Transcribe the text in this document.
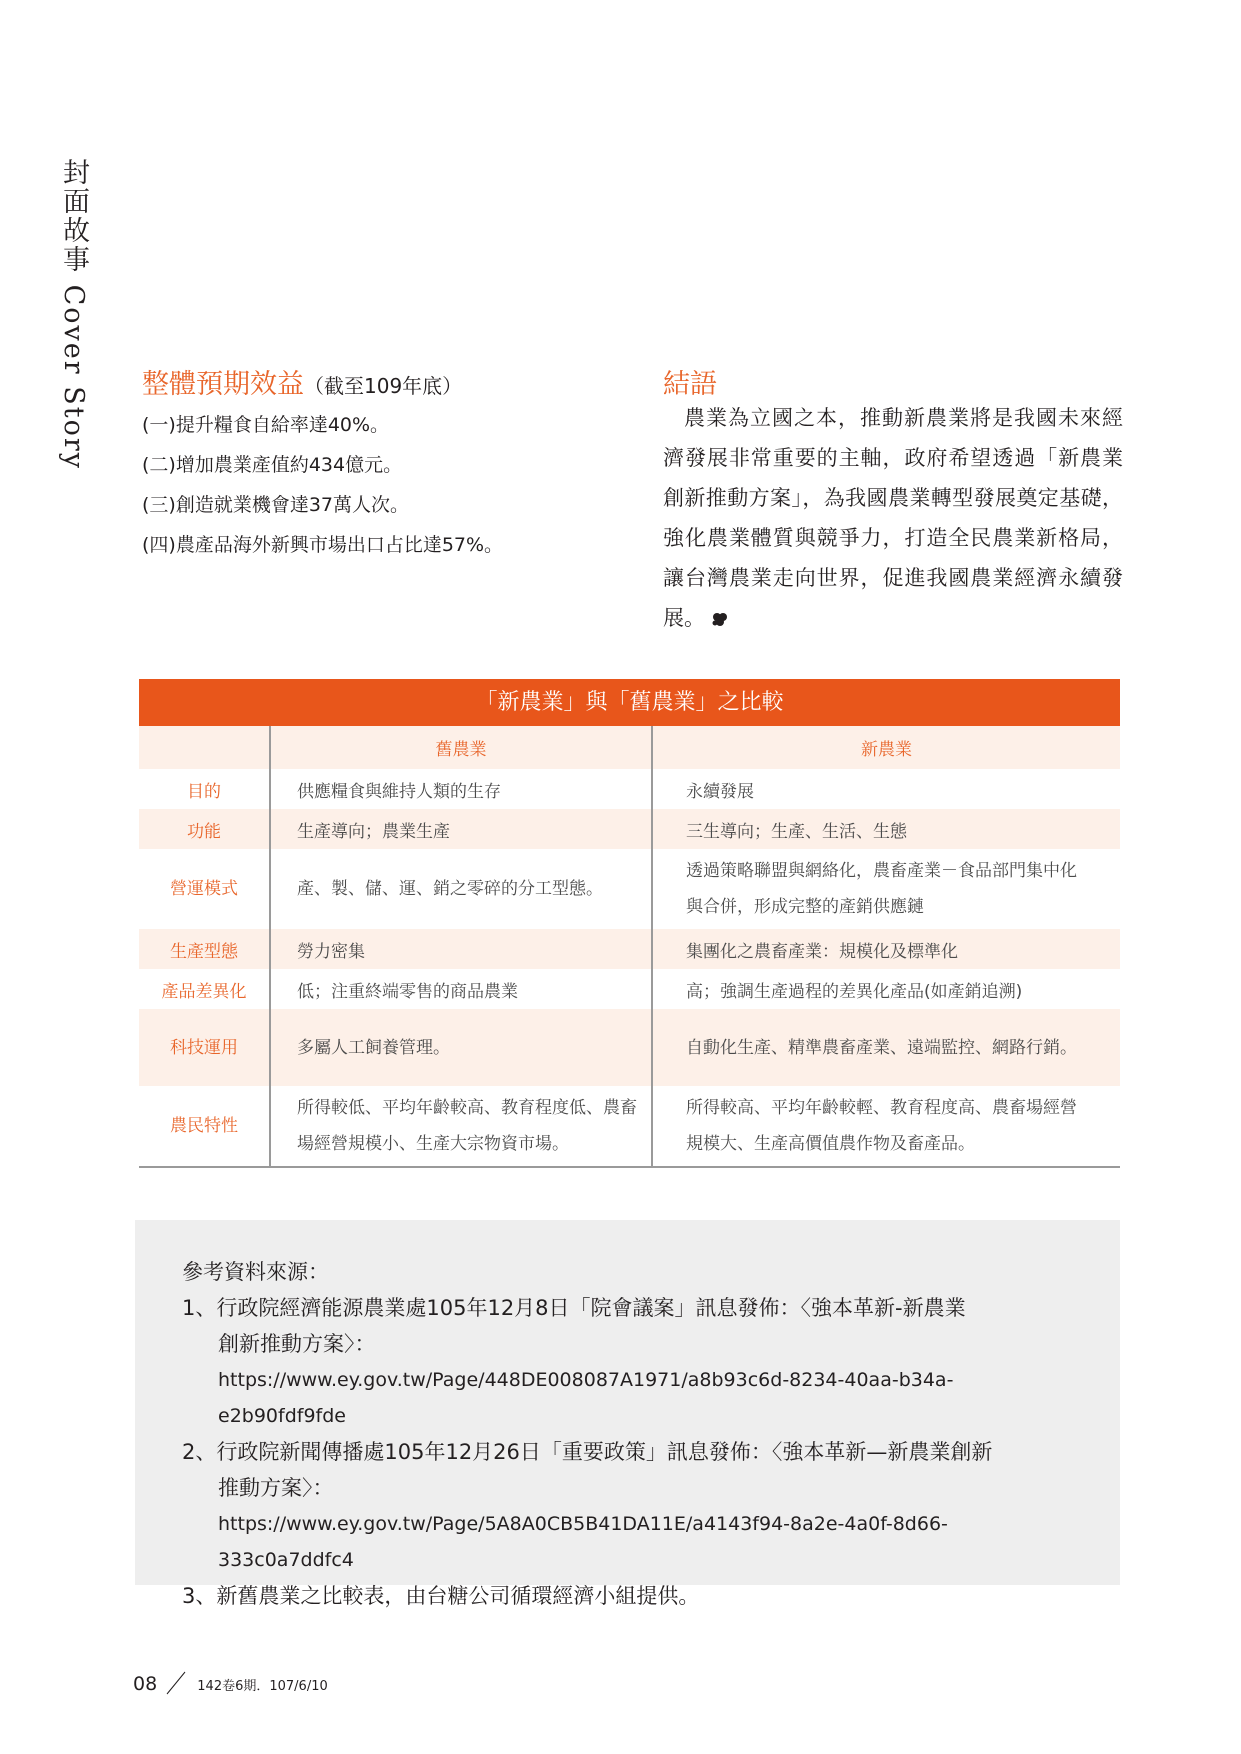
封面故事 Cover Story 整體預期效益（截至109年底）
(一)提升糧食自給率達40%。
(二)增加農業產值約434億元。
(三)創造就業機會達37萬人次。
(四)農產品海外新興市場出口占比達57%。
結語

農業為立國之本，推動新農業將是我國未來經濟發展非常重要的主軸，政府希望透過「新農業創新推動方案」，為我國農業轉型發展奠定基礎，強化農業體質與競爭力，打造全民農業新格局，讓台灣農業走向世界，促進我國農業經濟永續發展。

「新農業」與「舊農業」之比較
	舊農業	新農業
目的	供應糧食與維持人類的生存	永續發展
功能	生產導向；農業生產	三生導向；生產、生活、生態
營運模式	產、製、儲、運、銷之零碎的分工型態。	透過策略聯盟與網絡化，農畜產業－食品部門集中化與合併，形成完整的產銷供應鏈
生產型態	勞力密集	集團化之農畜產業：規模化及標準化
產品差異化	低；注重終端零售的商品農業	高；強調生產過程的差異化產品(如產銷追溯)
科技運用	多屬人工飼養管理。	自動化生產、精準農畜產業、遠端監控、網路行銷。
農民特性	所得較低、平均年齡較高、教育程度低、農畜場經營規模小、生產大宗物資市場。	所得較高、平均年齡較輕、教育程度高、農畜場經營規模大、生產高價值農作物及畜產品。
參考資料來源：
1、 行政院經濟能源農業處105年12月8日「院會議案」訊息發佈：〈強本革新-新農業
創新推動方案〉：
https://www.ey.gov.tw/Page/448DE008087A1971/a8b93c6d-8234-40aa-b34a-e2b90fdf9fde
2、 行政院新聞傳播處105年12月26日「重要政策」訊息發佈：〈強本革新—新農業創新
推動方案〉：
https://www.ey.gov.tw/Page/5A8A0CB5B41DA11E/a4143f94-8a2e-4a0f-8d66-333c0a7ddfc4
3、 新舊農業之比較表，由台糖公司循環經濟小組提供。
08	142卷6期．107/6/10
